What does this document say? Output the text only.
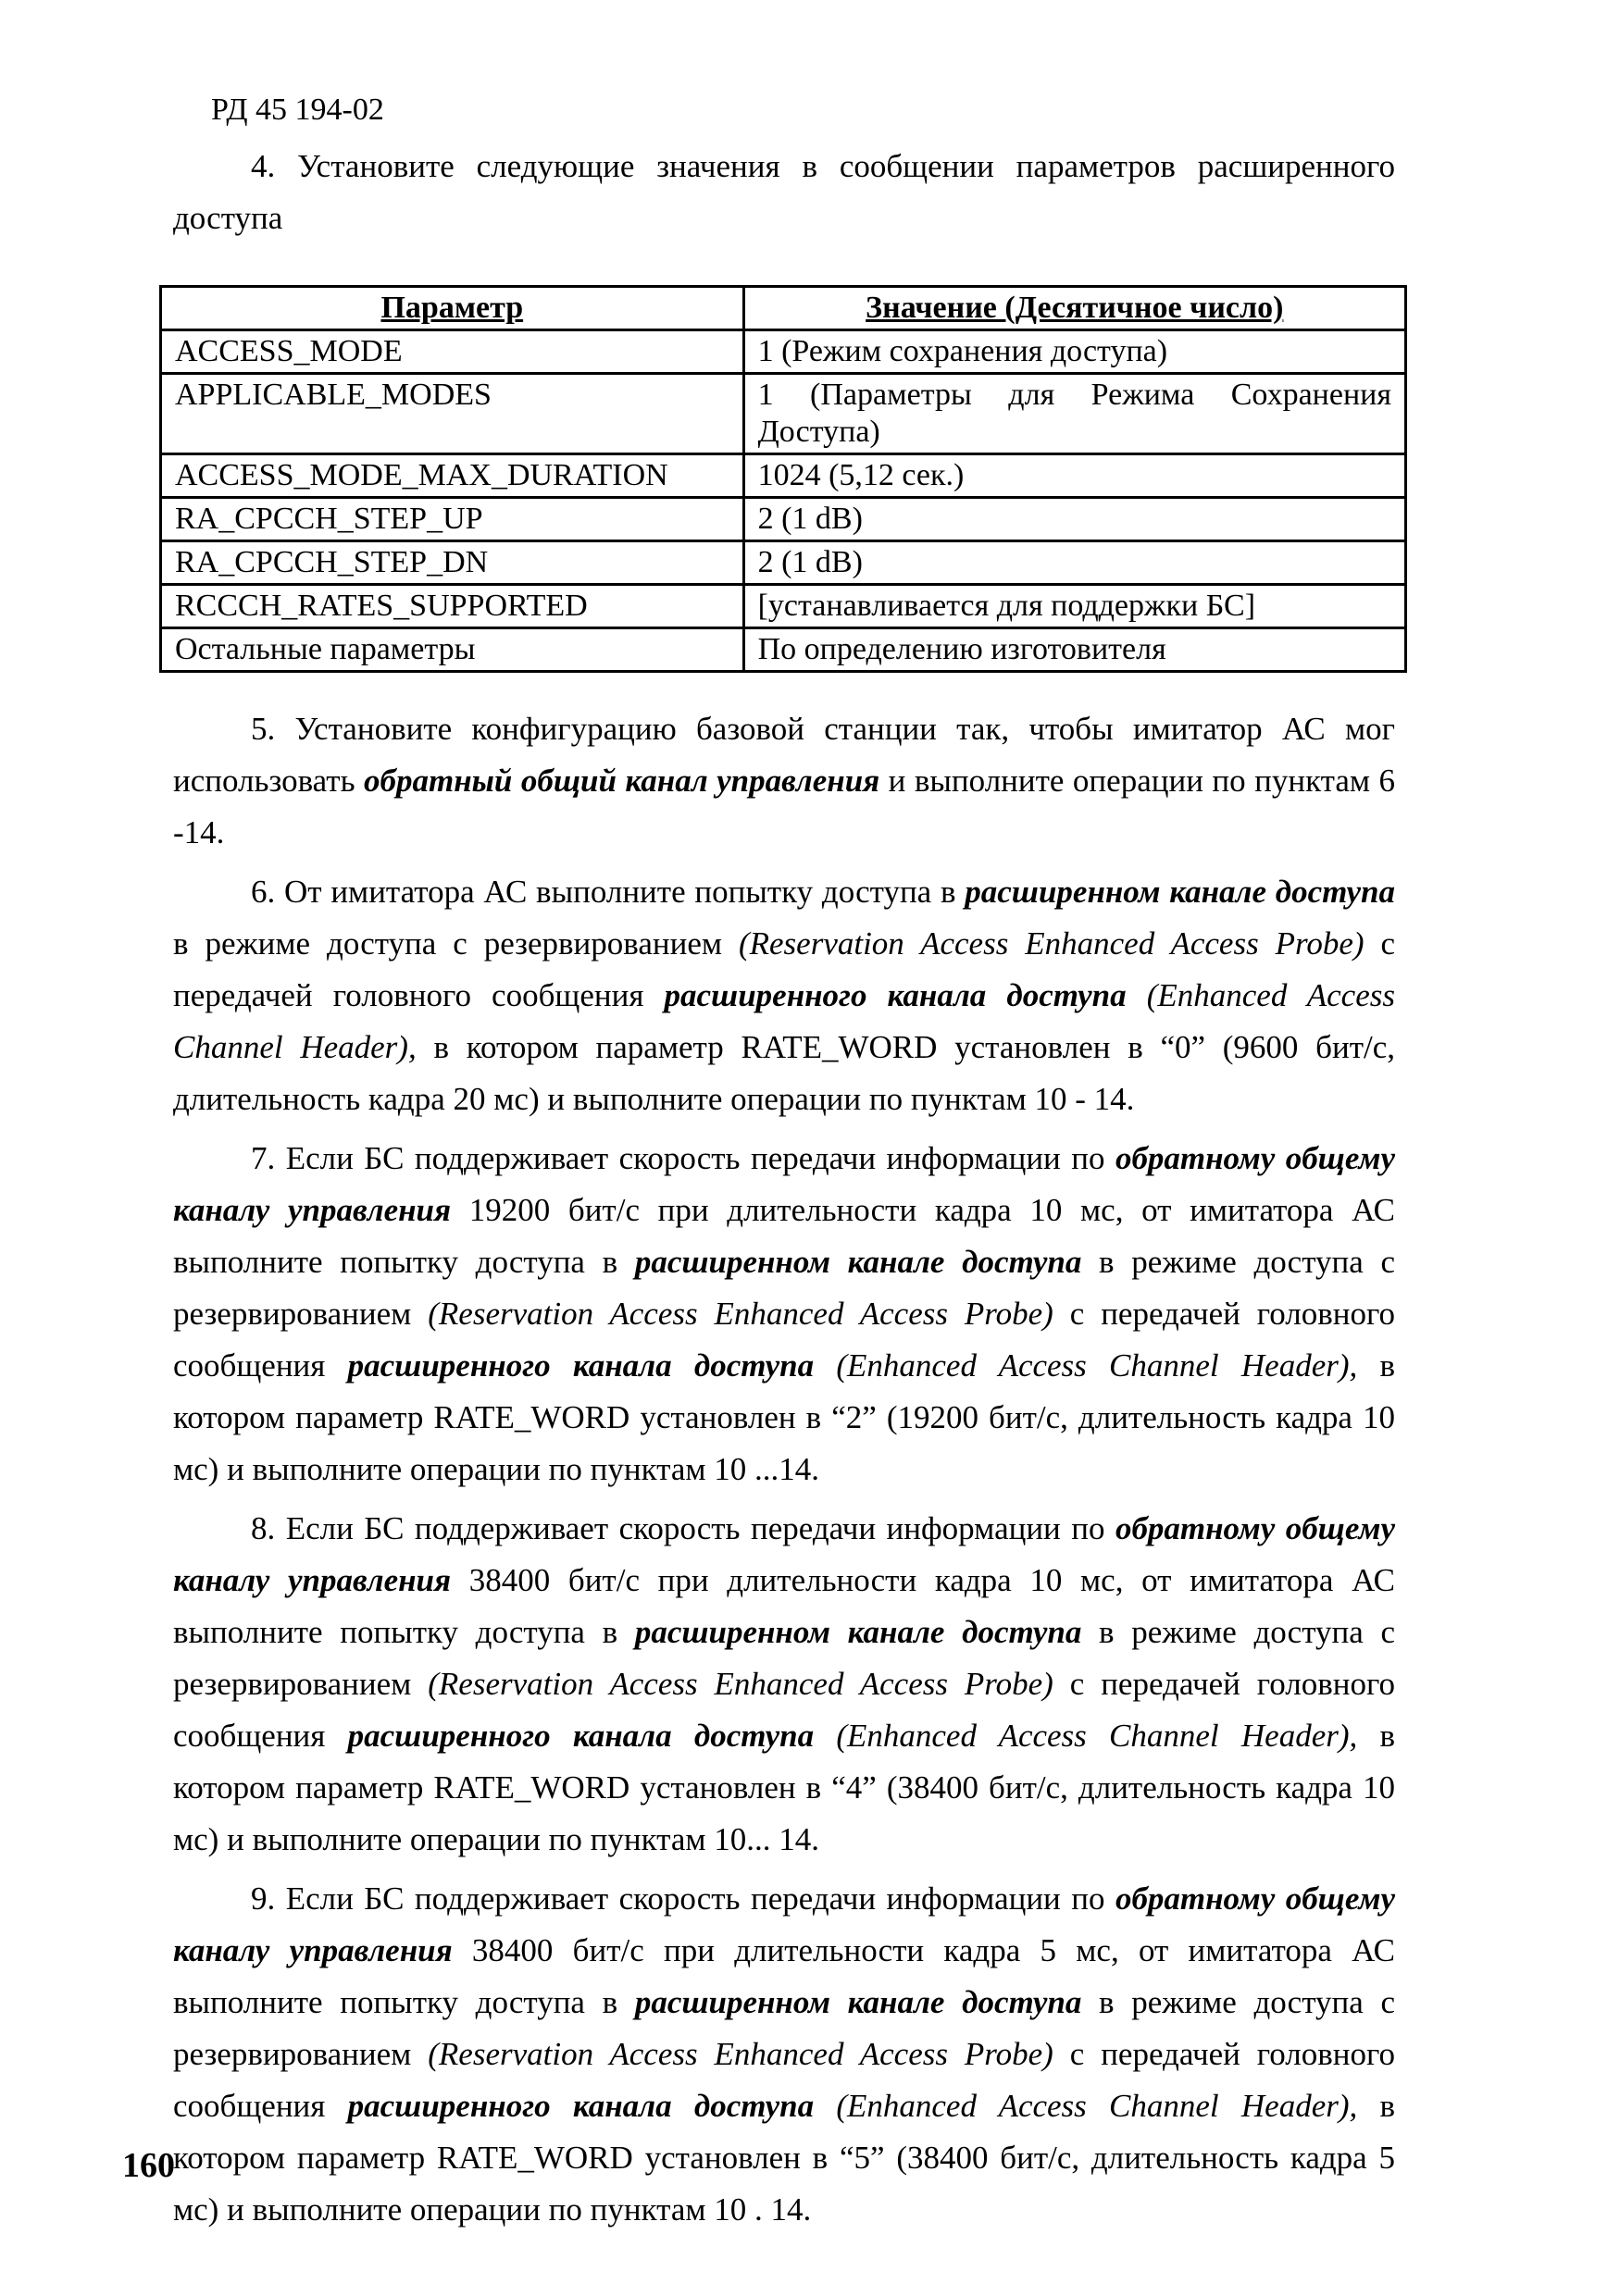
РД 45 194-02
4. Установите следующие значения в сообщении параметров расширенного доступа
Параметр	Значение (Десятичное число)
ACCESS_MODE	1 (Режим сохранения доступа)
APPLICABLE_MODES	1 (Параметры для Режима Сохранения Доступа)
ACCESS_MODE_MAX_DURATION	1024 (5,12 сек.)
RA_CPCCH_STEP_UP	2 (1 dB)
RA_CPCCH_STEP_DN	2 (1 dB)
RCCCH_RATES_SUPPORTED	[устанавливается для поддержки БС]
Остальные параметры	По определению изготовителя

5. Установите конфигурацию базовой станции так, чтобы имитатор АС мог использовать обратный общий канал управления и выполните операции по пунктам 6 -14.

6. От имитатора АС выполните попытку доступа в расширенном канале доступа в режиме доступа с резервированием (Reservation Access Enhanced Access Probe) с передачей головного сообщения расширенного канала доступа (Enhanced Access Channel Header), в котором параметр RATE_WORD установлен в “0” (9600 бит/с, длительность кадра 20 мс) и выполните операции по пунктам 10 - 14.

7. Если БС поддерживает скорость передачи информации по обратному общему каналу управления 19200 бит/с при длительности кадра 10 мс, от имитатора АС выполните попытку доступа в расширенном канале доступа в режиме доступа с резервированием (Reservation Access Enhanced Access Probe) с передачей головного сообщения расширенного канала доступа (Enhanced Access Channel Header), в котором параметр RATE_WORD установлен в “2” (19200 бит/с, длительность кадра 10 мс) и выполните операции по пунктам 10 ...14.

8. Если БС поддерживает скорость передачи информации по обратному общему каналу управления 38400 бит/с при длительности кадра 10 мс, от имитатора АС выполните попытку доступа в расширенном канале доступа в режиме доступа с резервированием (Reservation Access Enhanced Access Probe) с передачей головного сообщения расширенного канала доступа (Enhanced Access Channel Header), в котором параметр RATE_WORD установлен в “4” (38400 бит/с, длительность кадра 10 мс) и выполните операции по пунктам 10... 14.

9. Если БС поддерживает скорость передачи информации по обратному общему каналу управления 38400 бит/с при длительности кадра 5 мс, от имитатора АС выполните попытку доступа в расширенном канале доступа в режиме доступа с резервированием (Reservation Access Enhanced Access Probe) с передачей головного сообщения расширенного канала доступа (Enhanced Access Channel Header), в котором параметр RATE_WORD установлен в “5” (38400 бит/с, длительность кадра 5 мс) и выполните операции по пунктам 10 . 14.

160
